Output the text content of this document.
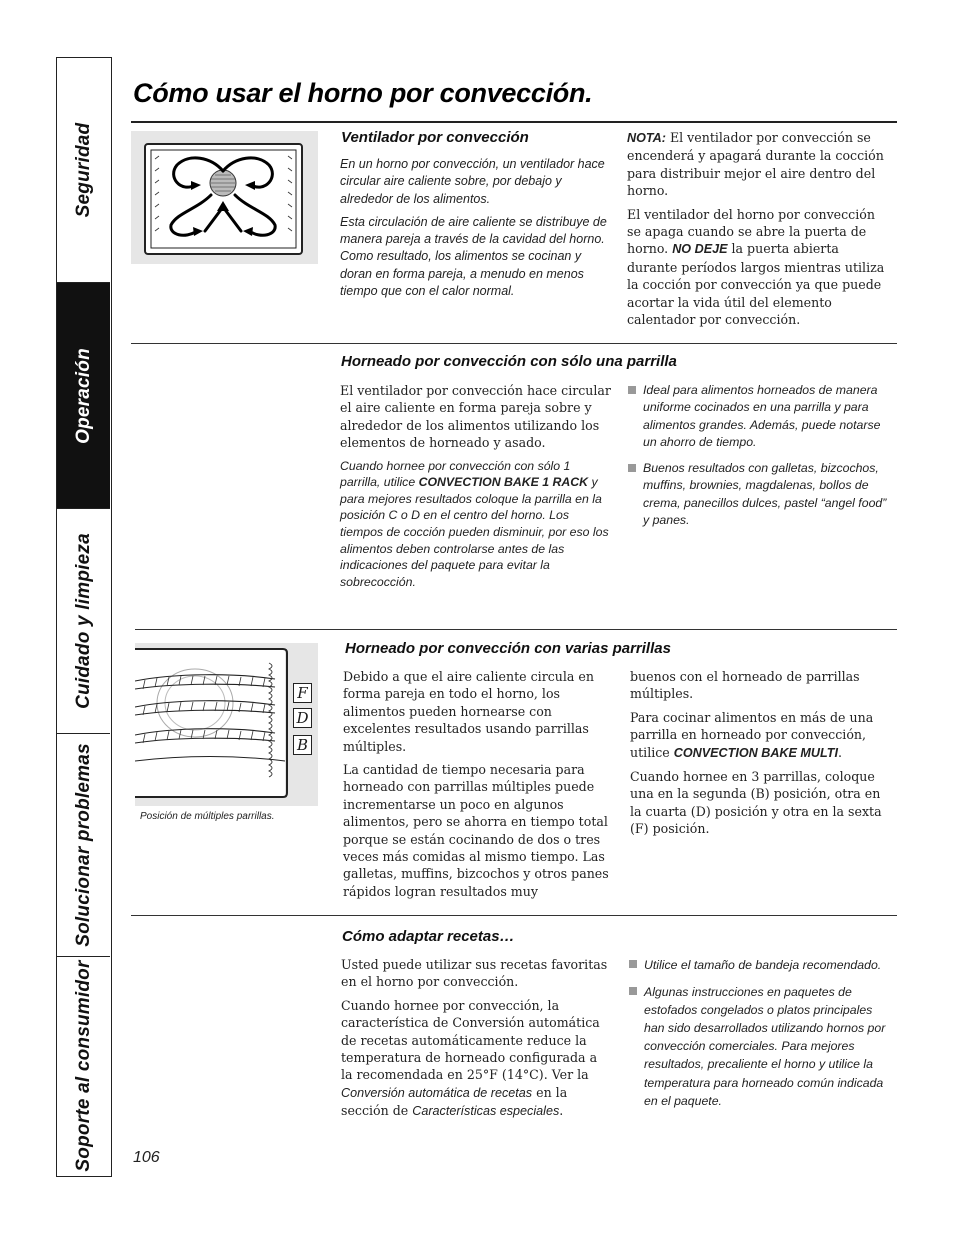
Seguridad
Operación
Cuidado y limpieza
Solucionar problemas
Soporte al consumidor
Cómo usar el horno por convección.
Ventilador por convección

En un horno por convección, un ventilador hace circular aire caliente sobre, por debajo y alrededor de los alimentos.

Esta circulación de aire caliente se distribuye de manera pareja a través de la cavidad del horno. Como resultado, los alimentos se cocinan y doran en forma pareja, a menudo en menos tiempo que con el calor normal.

NOTA: El ventilador por convección se encenderá y apagará durante la cocción para distribuir mejor el aire dentro del horno.

El ventilador del horno por convección se apaga cuando se abre la puerta de horno. NO DEJE la puerta abierta durante períodos largos mientras utiliza la cocción por convección ya que puede acortar la vida útil del elemento calentador por convección.

Horneado por convección con sólo una parrilla

El ventilador por convección hace circular el aire caliente en forma pareja sobre y alrededor de los alimentos utilizando los elementos de horneado y asado.

Cuando hornee por convección con sólo 1 parrilla, utilice CONVECTION BAKE 1 RACK y para mejores resultados coloque la parrilla en la posición C o D en el centro del horno. Los tiempos de cocción pueden disminuir, por eso los alimentos deben controlarse antes de las indicaciones del paquete para evitar la sobrecocción.

Ideal para alimentos horneados de manera uniforme cocinados en una parrilla y para alimentos grandes. Además, puede notarse un ahorro de tiempo.
Buenos resultados con galletas, bizcochos, muffins, brownies, magdalenas, bollos de crema, panecillos dulces, pastel “angel food” y panes.
F
D
B
Posición de múltiples parrillas.
Horneado por convección con varias parrillas

Debido a que el aire caliente circula en forma pareja en todo el horno, los alimentos pueden hornearse con excelentes resultados usando parrillas múltiples.

La cantidad de tiempo necesaria para horneado con parrillas múltiples puede incrementarse un poco en algunos alimentos, pero se ahorra en tiempo total porque se están cocinando de dos o tres veces más comidas al mismo tiempo. Las galletas, muffins, bizcochos y otros panes rápidos logran resultados muy

buenos con el horneado de parrillas múltiples.

Para cocinar alimentos en más de una parrilla en horneado por convección, utilice CONVECTION BAKE MULTI.

Cuando hornee en 3 parrillas, coloque una en la segunda (B) posición, otra en la cuarta (D) posición y otra en la sexta (F) posición.

Cómo adaptar recetas…

Usted puede utilizar sus recetas favoritas en el horno por convección.

Cuando hornee por convección, la característica de Conversión automática de recetas automáticamente reduce la temperatura de horneado configurada a la recomendada en 25°F (14°C). Ver la Conversión automática de recetas en la sección de Características especiales.

Utilice el tamaño de bandeja recomendado.
Algunas instrucciones en paquetes de estofados congelados o platos principales han sido desarrollados utilizando hornos por convección comerciales. Para mejores resultados, precaliente el horno y utilice la temperatura para horneado común indicada en el paquete.
106
